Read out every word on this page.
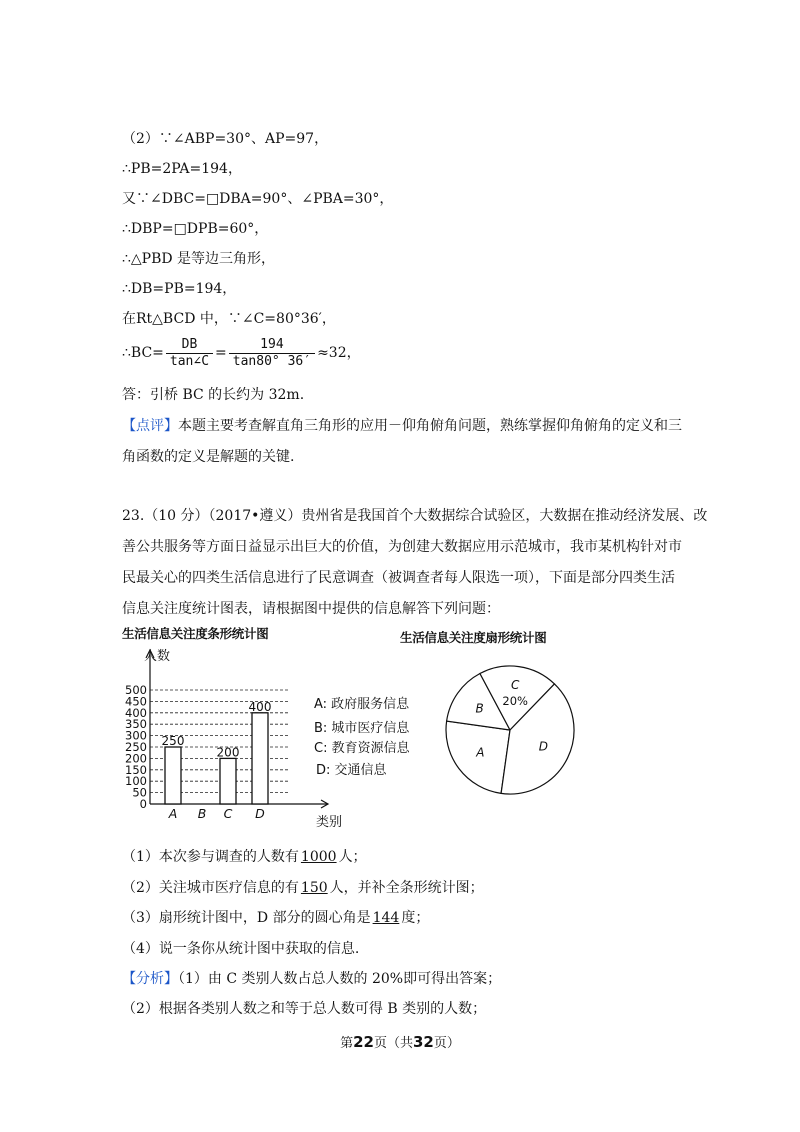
（2）∵∠ABP=30°、AP=97，
∴PB=2PA=194，
又∵∠DBC=□DBA=90°、∠PBA=30°，
∴DBP=□DPB=60°，
∴△PBD 是等边三角形，
∴DB=PB=194，
在Rt△BCD 中，∵∠C=80°36′，
∴BC= $\frac{DB}{\tan\angle C} = \frac{194}{\tan 80^\circ 36'} \approx 32$，
答：引桥 BC 的长约为 32m.
【点评】本题主要考查解直角三角形的应用－仰角俯角问题，熟练掌握仰角俯角的定义和三
角函数的定义是解题的关键.
23.（10 分）（2017•遵义）贵州省是我国首个大数据综合试验区，大数据在推动经济发展、改
善公共服务等方面日益显示出巨大的价值，为创建大数据应用示范城市，我市某机构针对市
民最关心的四类生活信息进行了民意调查（被调查者每人限选一项），下面是部分四类生活
信息关注度统计图表，请根据图中提供的信息解答下列问题：
生活信息关注度条形统计图	生活信息关注度扇形统计图
0
50
100
150
200
250
300
350
400
450
500
250
A B
200
C
400
D
人数
类别
A: 政府服务信息
B: 城市医疗信息
C: 教育资源信息
D: 交通信息
A
B
C
20%
D
（1）本次参与调查的人数有 1000 人；
（2）关注城市医疗信息的有 150 人，并补全条形统计图；
（3）扇形统计图中，D 部分的圆心角是 144 度；
（4）说一条你从统计图中获取的信息.
【分析】（1）由 C 类别人数占总人数的 20%即可得出答案；
（2）根据各类别人数之和等于总人数可得 B 类别的人数；
第22页（共32页）
